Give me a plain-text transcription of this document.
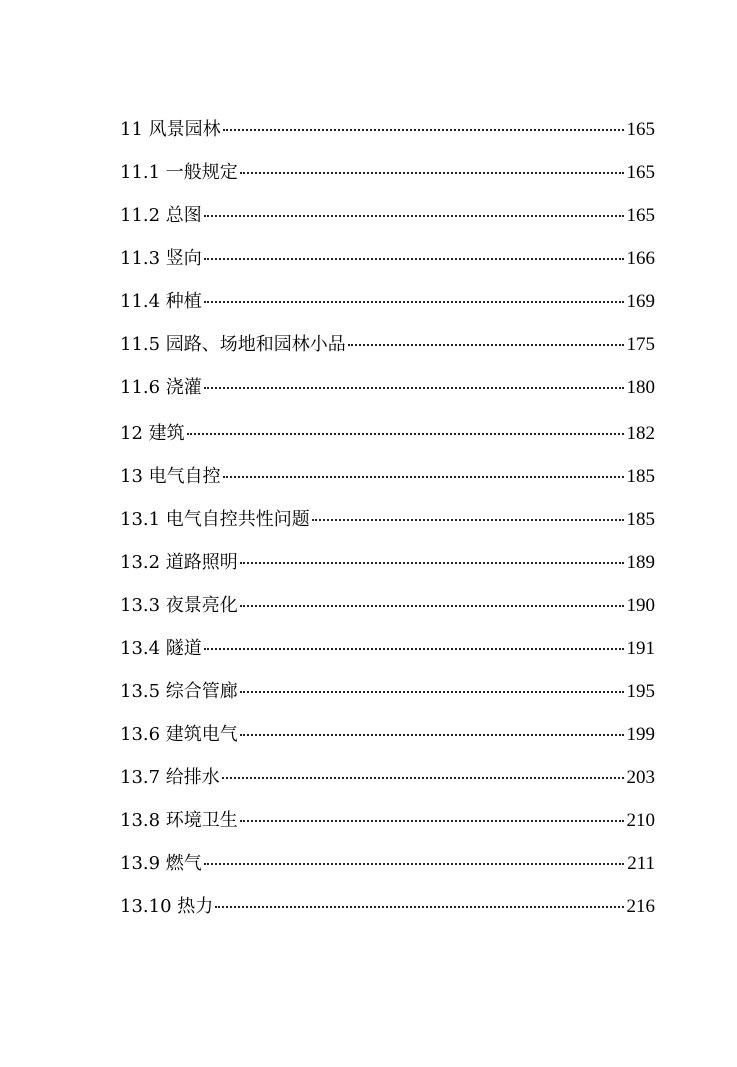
11 风景园林	165
11.1 一般规定	165
11.2 总图	165
11.3 竖向	166
11.4 种植	169
11.5 园路、场地和园林小品	175
11.6 浇灌	180
12 建筑	182
13 电气自控	185
13.1 电气自控共性问题	185
13.2 道路照明	189
13.3 夜景亮化	190
13.4 隧道	191
13.5 综合管廊	195
13.6 建筑电气	199
13.7 给排水	203
13.8 环境卫生	210
13.9 燃气	211
13.10 热力	216
